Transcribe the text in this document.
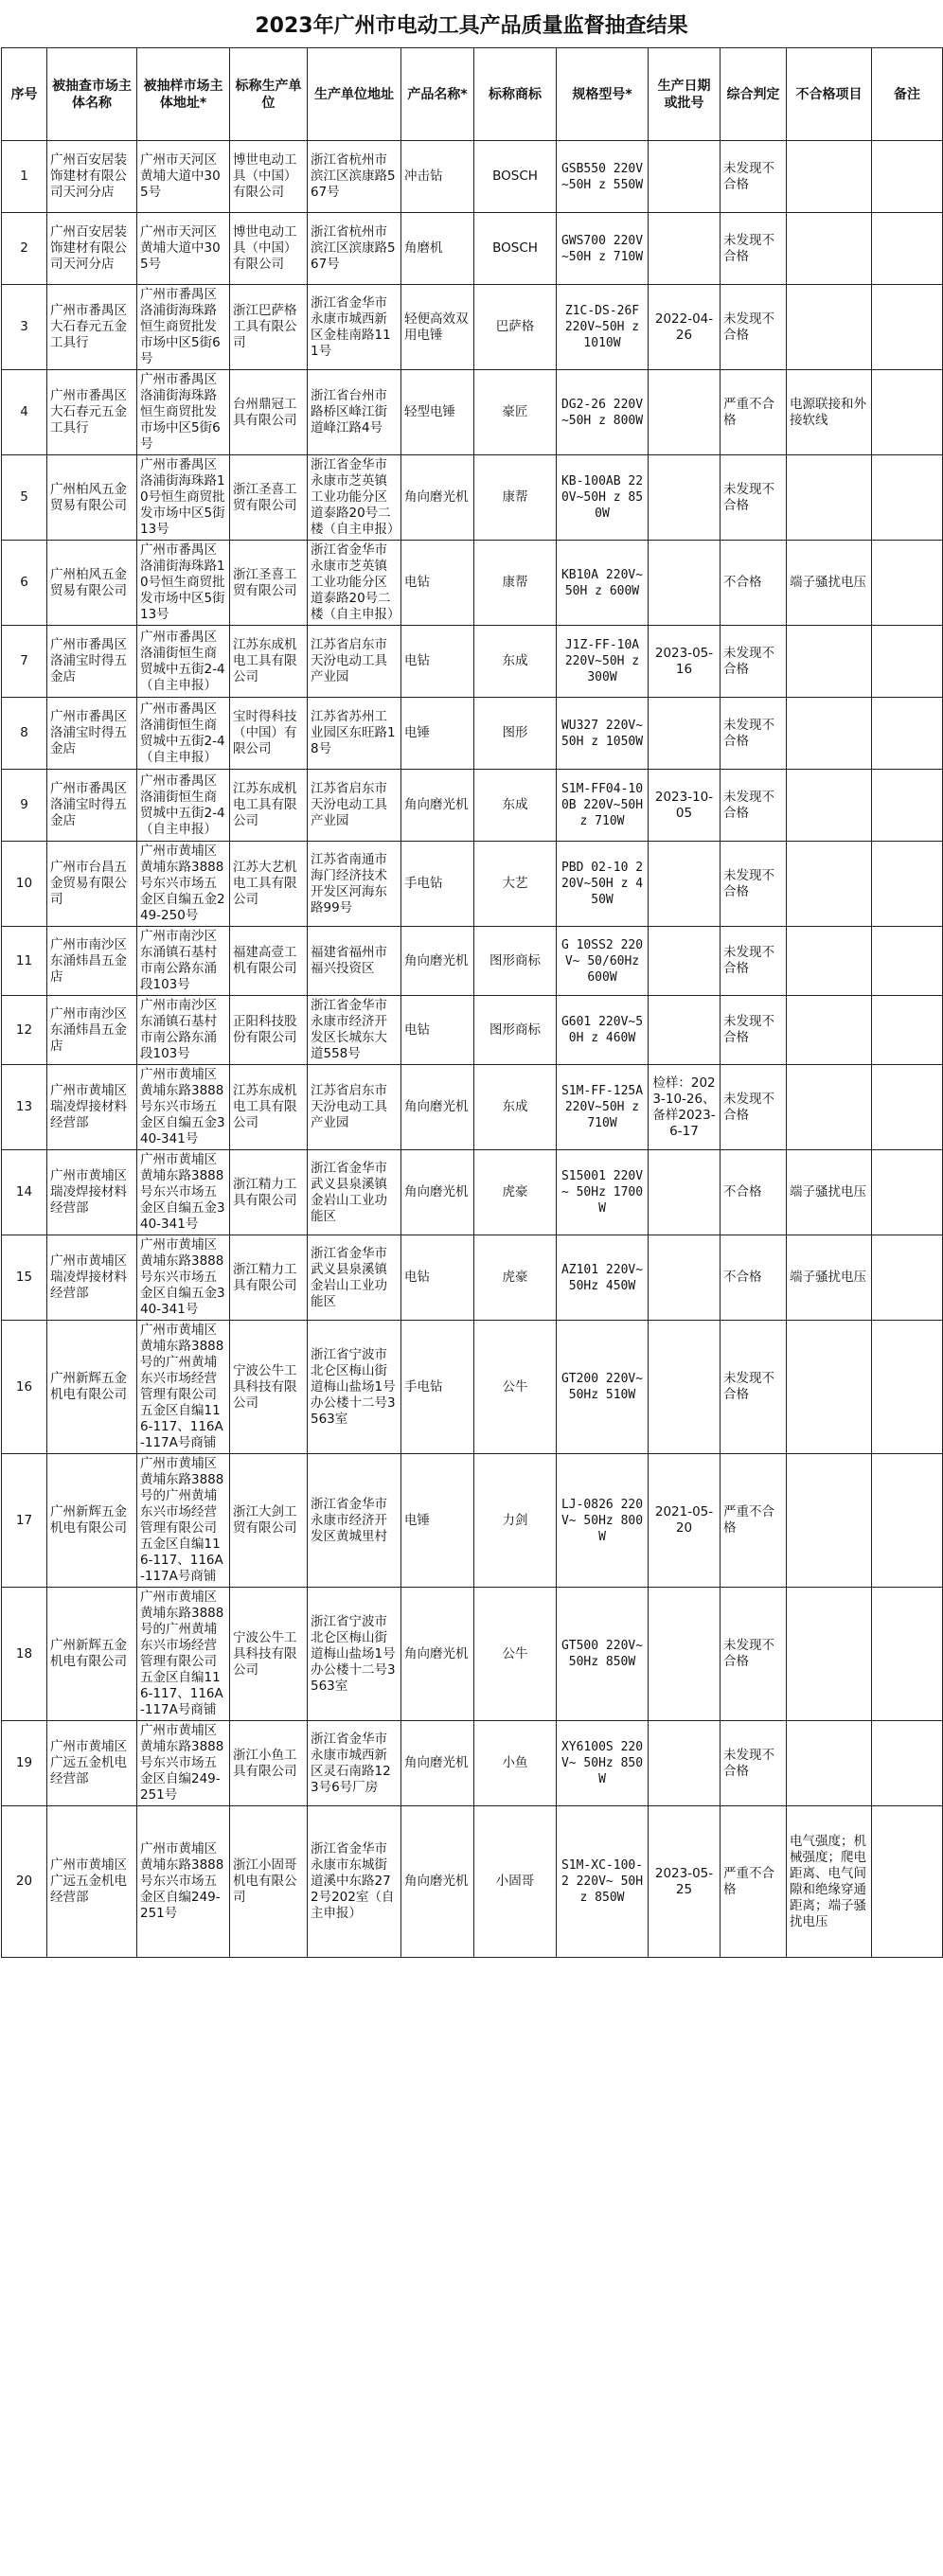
2023年广州市电动工具产品质量监督抽查结果
序号	被抽查市场主体名称	被抽样市场主体地址*	标称生产单位	生产单位地址	产品名称*	标称商标	规格型号*	生产日期或批号	综合判定	不合格项目	备注
1	广州百安居装饰建材有限公司天河分店	广州市天河区黄埔大道中305号	博世电动工具（中国）有限公司	浙江省杭州市滨江区滨康路567号	冲击钻	BOSCH	GSB550 220V~50H z 550W		未发现不合格		
2	广州百安居装饰建材有限公司天河分店	广州市天河区黄埔大道中305号	博世电动工具（中国）有限公司	浙江省杭州市滨江区滨康路567号	角磨机	BOSCH	GWS700 220V~50H z 710W		未发现不合格		
3	广州市番禺区大石春元五金工具行	广州市番禺区洛浦街海珠路恒生商贸批发市场中区5街6号	浙江巴萨格工具有限公司	浙江省金华市永康市城西新区金桂南路111号	轻便高效双用电锤	巴萨格	Z1C-DS-26F 220V~50H z 1010W	2022-04-26	未发现不合格		
4	广州市番禺区大石春元五金工具行	广州市番禺区洛浦街海珠路恒生商贸批发市场中区5街6号	台州鼎冠工具有限公司	浙江省台州市路桥区峰江街道峰江路4号	轻型电锤	豪匠	DG2-26 220V~50H z 800W		严重不合格	电源联接和外接软线	
5	广州柏风五金贸易有限公司	广州市番禺区洛浦街海珠路10号恒生商贸批发市场中区5街13号	浙江圣喜工贸有限公司	浙江省金华市永康市芝英镇工业功能分区道泰路20号二楼（自主申报）	角向磨光机	康帮	KB-100AB 220V~50H z 850W		未发现不合格		
6	广州柏风五金贸易有限公司	广州市番禺区洛浦街海珠路10号恒生商贸批发市场中区5街13号	浙江圣喜工贸有限公司	浙江省金华市永康市芝英镇工业功能分区道泰路20号二楼（自主申报）	电钻	康帮	KB10A 220V~50H z 600W		不合格	端子骚扰电压	
7	广州市番禺区洛浦宝时得五金店	广州市番禺区洛浦街恒生商贸城中五街2-4（自主申报）	江苏东成机电工具有限公司	江苏省启东市天汾电动工具产业园	电钻	东成	J1Z-FF-10A 220V~50H z 300W	2023-05-16	未发现不合格		
8	广州市番禺区洛浦宝时得五金店	广州市番禺区洛浦街恒生商贸城中五街2-4（自主申报）	宝时得科技（中国）有限公司	江苏省苏州工业园区东旺路18号	电锤	图形	WU327 220V~50H z 1050W		未发现不合格		
9	广州市番禺区洛浦宝时得五金店	广州市番禺区洛浦街恒生商贸城中五街2-4（自主申报）	江苏东成机电工具有限公司	江苏省启东市天汾电动工具产业园	角向磨光机	东成	S1M-FF04-100B 220V~50H z 710W	2023-10-05	未发现不合格		
10	广州市台昌五金贸易有限公司	广州市黄埔区黄埔东路3888号东兴市场五金区自编五金249-250号	江苏大艺机电工具有限公司	江苏省南通市海门经济技术开发区河海东路99号	手电钻	大艺	PBD 02-10 220V~50H z 450W		未发现不合格		
11	广州市南沙区东涌炜昌五金店	广州市南沙区东涌镇石基村市南公路东涌段103号	福建高壹工机有限公司	福建省福州市福兴投资区	角向磨光机	图形商标	G 10SS2 220V~ 50/60Hz 600W		未发现不合格		
12	广州市南沙区东涌炜昌五金店	广州市南沙区东涌镇石基村市南公路东涌段103号	正阳科技股份有限公司	浙江省金华市永康市经济开发区长城东大道558号	电钻	图形商标	G601 220V~50H z 460W		未发现不合格		
13	广州市黄埔区瑞凌焊接材料经营部	广州市黄埔区黄埔东路3888号东兴市场五金区自编五金340-341号	江苏东成机电工具有限公司	江苏省启东市天汾电动工具产业园	角向磨光机	东成	S1M-FF-125A 220V~50H z 710W	检样：2023-10-26、备样2023-6-17	未发现不合格		
14	广州市黄埔区瑞凌焊接材料经营部	广州市黄埔区黄埔东路3888号东兴市场五金区自编五金340-341号	浙江精力工具有限公司	浙江省金华市武义县泉溪镇金岩山工业功能区	角向磨光机	虎豪	S15001 220V~ 50Hz 1700W		不合格	端子骚扰电压	
15	广州市黄埔区瑞凌焊接材料经营部	广州市黄埔区黄埔东路3888号东兴市场五金区自编五金340-341号	浙江精力工具有限公司	浙江省金华市武义县泉溪镇金岩山工业功能区	电钻	虎豪	AZ101 220V~ 50Hz 450W		不合格	端子骚扰电压	
16	广州新辉五金机电有限公司	广州市黄埔区黄埔东路3888号的广州黄埔东兴市场经营管理有限公司五金区自编116-117、116A-117A号商铺	宁波公牛工具科技有限公司	浙江省宁波市北仑区梅山街道梅山盐场1号办公楼十二号3563室	手电钻	公牛	GT200 220V~ 50Hz 510W		未发现不合格		
17	广州新辉五金机电有限公司	广州市黄埔区黄埔东路3888号的广州黄埔东兴市场经营管理有限公司五金区自编116-117、116A-117A号商铺	浙江大剑工贸有限公司	浙江省金华市永康市经济开发区黄城里村	电锤	力剑	LJ-0826 220V~ 50Hz 800W	2021-05-20	严重不合格		
18	广州新辉五金机电有限公司	广州市黄埔区黄埔东路3888号的广州黄埔东兴市场经营管理有限公司五金区自编116-117、116A-117A号商铺	宁波公牛工具科技有限公司	浙江省宁波市北仑区梅山街道梅山盐场1号办公楼十二号3563室	角向磨光机	公牛	GT500 220V~ 50Hz 850W		未发现不合格		
19	广州市黄埔区广远五金机电经营部	广州市黄埔区黄埔东路3888号东兴市场五金区自编249-251号	浙江小鱼工具有限公司	浙江省金华市永康市城西新区灵石南路123号6号厂房	角向磨光机	小鱼	XY6100S 220V~ 50Hz 850W		未发现不合格		
20	广州市黄埔区广远五金机电经营部	广州市黄埔区黄埔东路3888号东兴市场五金区自编249-251号	浙江小固哥机电有限公司	浙江省金华市永康市东城街道溪中东路272号202室（自主申报）	角向磨光机	小固哥	S1M-XC-100-2 220V~ 50Hz 850W	2023-05-25	严重不合格	电气强度；机械强度；爬电距离、电气间隙和绝缘穿通距离；端子骚扰电压	
